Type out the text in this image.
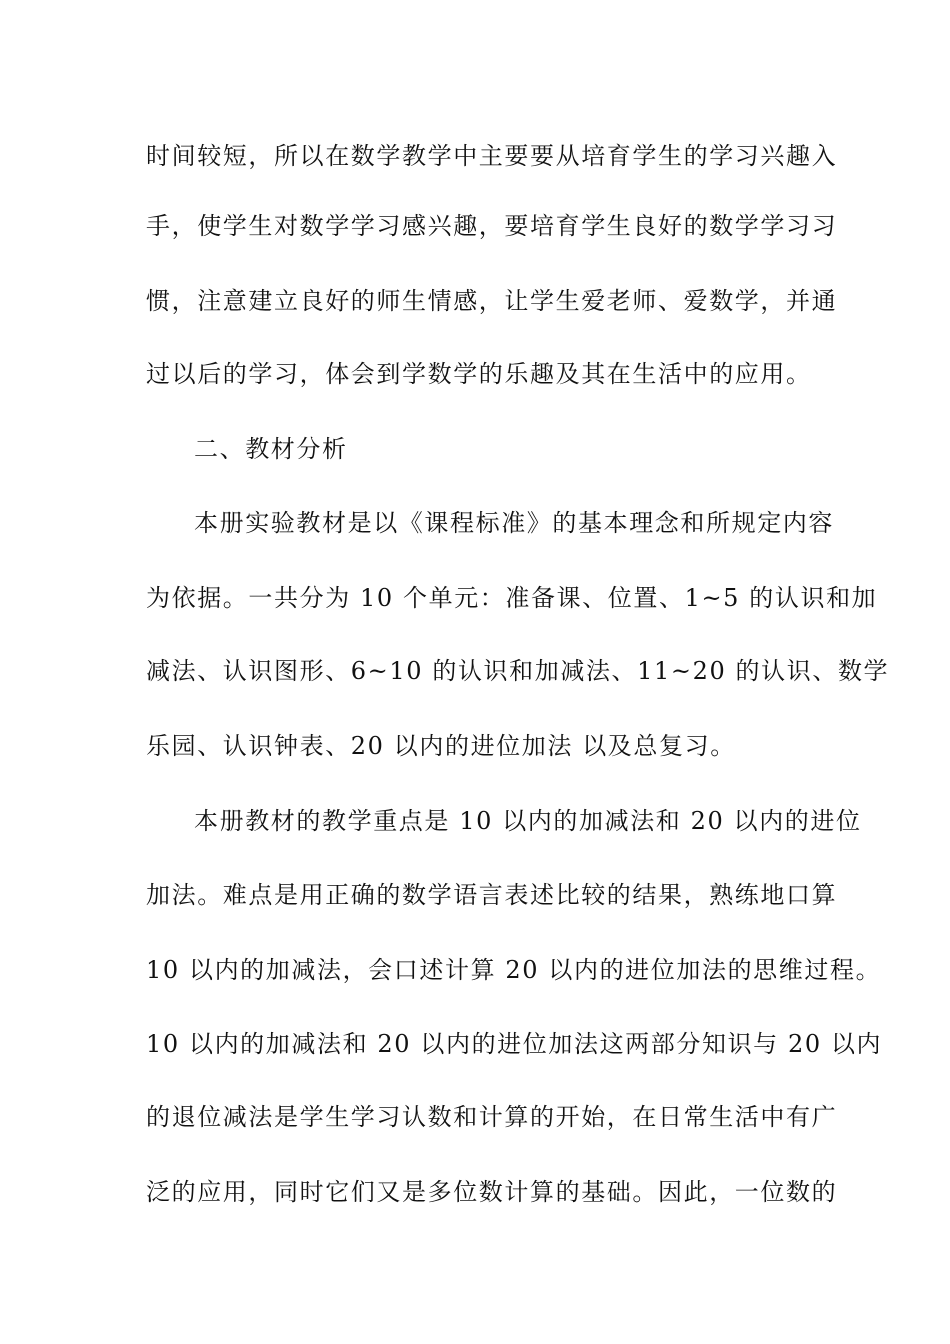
时间较短，所以在数学教学中主要要从培育学生的学习兴趣入
手，使学生对数学学习感兴趣，要培育学生良好的数学学习习
惯，注意建立良好的师生情感，让学生爱老师、爱数学，并通
过以后的学习，体会到学数学的乐趣及其在生活中的应用。
二、教材分析
本册实验教材是以《课程标准》的基本理念和所规定内容
为依据。一共分为 10 个单元：准备课、位置、1~5 的认识和加
减法、认识图形、6~10 的认识和加减法、11~20 的认识、数学
乐园、认识钟表、20 以内的进位加法 以及总复习。
本册教材的教学重点是 10 以内的加减法和 20 以内的进位
加法。难点是用正确的数学语言表述比较的结果，熟练地口算
10 以内的加减法，会口述计算 20 以内的进位加法的思维过程。
10 以内的加减法和 20 以内的进位加法这两部分知识与 20 以内
的退位减法是学生学习认数和计算的开始，在日常生活中有广
泛的应用，同时它们又是多位数计算的基础。因此，一位数的
